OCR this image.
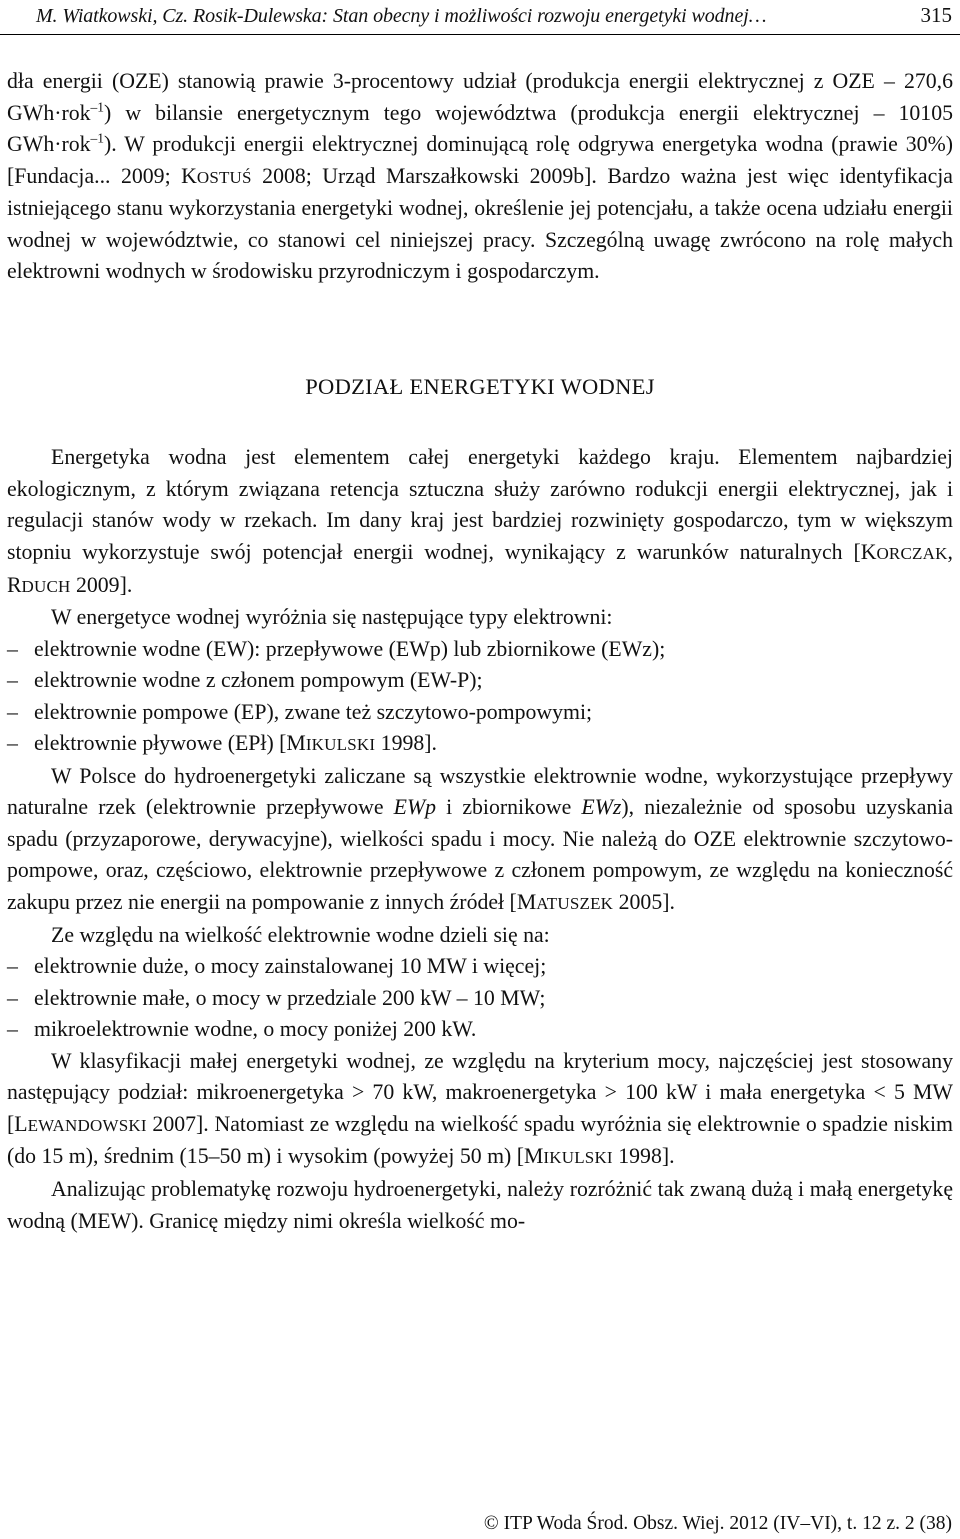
M. Wiatkowski, Cz. Rosik-Dulewska: Stan obecny i możliwości rozwoju energetyki wodnej…	315

dła energii (OZE) stanowią prawie 3-procentowy udział (produkcja energii elektrycznej z OZE – 270,6 GWh·rok$^{-1}$) w bilansie energetycznym tego województwa (produkcja energii elektrycznej – 10105 GWh·rok$^{-1}$). W produkcji energii elektrycznej dominującą rolę odgrywa energetyka wodna (prawie 30%) [Fundacja... 2009; KOSTUŚ 2008; Urząd Marszałkowski 2009b]. Bardzo ważna jest więc identyfikacja istniejącego stanu wykorzystania energetyki wodnej, określenie jej potencjału, a także ocena udziału energii wodnej w województwie, co stanowi cel niniejszej pracy. Szczególną uwagę zwrócono na rolę małych elektrowni wodnych w środowisku przyrodniczym i gospodarczym.

PODZIAŁ ENERGETYKI WODNEJ

Energetyka wodna jest elementem całej energetyki każdego kraju. Elementem najbardziej ekologicznym, z którym związana retencja sztuczna służy zarówno rodukcji energii elektrycznej, jak i regulacji stanów wody w rzekach. Im dany kraj jest bardziej rozwinięty gospodarczo, tym w większym stopniu wykorzystuje swój potencjał energii wodnej, wynikający z warunków naturalnych [KORCZAK, RDUCH 2009].

W energetyce wodnej wyróżnia się następujące typy elektrowni:

– elektrownie wodne (EW): przepływowe (EWp) lub zbiornikowe (EWz);
– elektrownie wodne z członem pompowym (EW-P);
– elektrownie pompowe (EP), zwane też szczytowo-pompowymi;
– elektrownie pływowe (EPł) [MIKULSKI 1998].

W Polsce do hydroenergetyki zaliczane są wszystkie elektrownie wodne, wykorzystujące przepływy naturalne rzek (elektrownie przepływowe EWp i zbiornikowe EWz), niezależnie od sposobu uzyskania spadu (przyzaporowe, derywacyjne), wielkości spadu i mocy. Nie należą do OZE elektrownie szczytowo-pompowe, oraz, częściowo, elektrownie przepływowe z członem pompowym, ze względu na konieczność zakupu przez nie energii na pompowanie z innych źródeł [MATUSZEK 2005].

Ze względu na wielkość elektrownie wodne dzieli się na:

– elektrownie duże, o mocy zainstalowanej 10 MW i więcej;
– elektrownie małe, o mocy w przedziale 200 kW – 10 MW;
– mikroelektrownie wodne, o mocy poniżej 200 kW.

W klasyfikacji małej energetyki wodnej, ze względu na kryterium mocy, najczęściej jest stosowany następujący podział: mikroenergetyka > 70 kW, makroenergetyka > 100 kW i mała energetyka < 5 MW [LEWANDOWSKI 2007]. Natomiast ze względu na wielkość spadu wyróżnia się elektrownie o spadzie niskim (do 15 m), średnim (15–50 m) i wysokim (powyżej 50 m) [MIKULSKI 1998].

Analizując problematykę rozwoju hydroenergetyki, należy rozróżnić tak zwaną dużą i małą energetykę wodną (MEW). Granicę między nimi określa wielkość mo-

© ITP Woda Środ. Obsz. Wiej. 2012 (IV–VI), t. 12 z. 2 (38)
